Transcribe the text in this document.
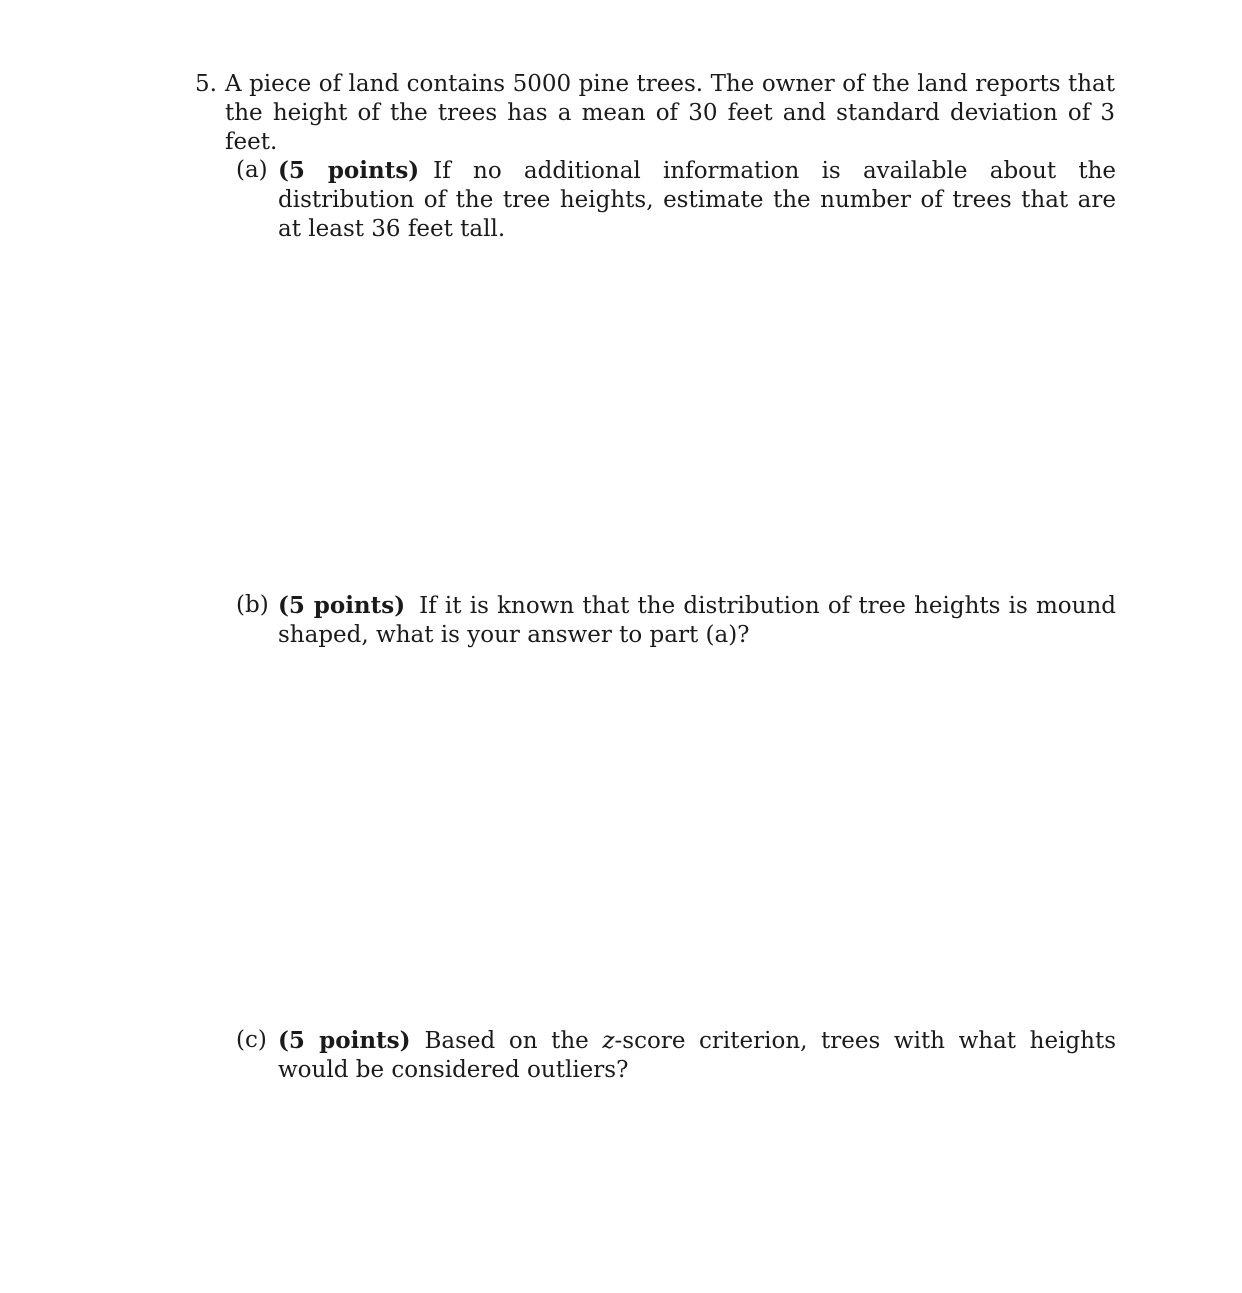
5. A piece of land contains 5000 pine trees. The owner of the land reports that the height of the trees has a mean of 30 feet and standard deviation of 3 feet.
(a) (5 points) If no additional information is available about the distribution of the tree heights, estimate the number of trees that are at least 36 feet tall.
(b) (5 points) If it is known that the distribution of tree heights is mound shaped, what is your answer to part (a)?
(c) (5 points) Based on the z-score criterion, trees with what heights would be considered outliers?
